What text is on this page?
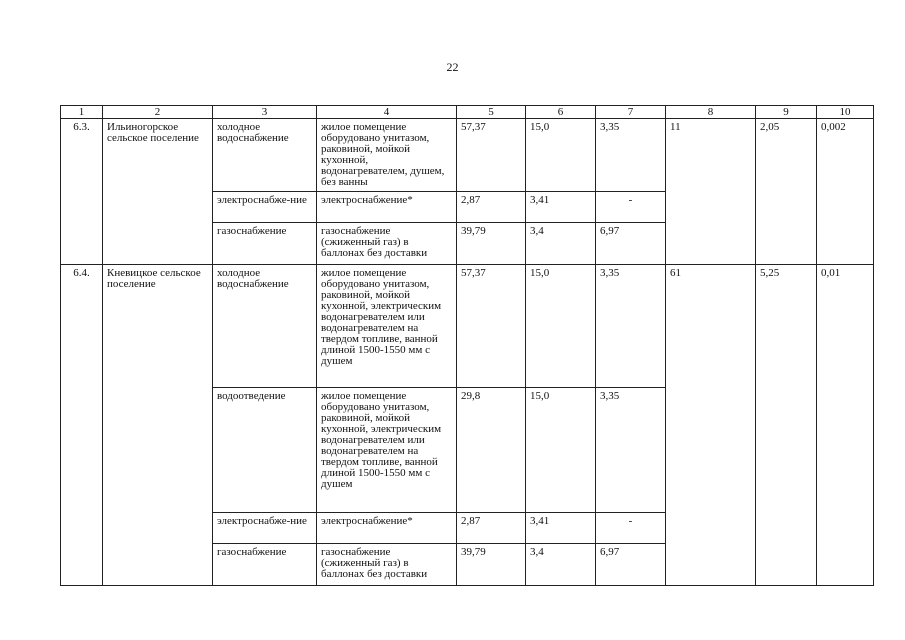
22
1	2	3	4	5	6	7	8	9	10
6.3.	Ильиногорское сельское поселение	холодное водоснабжение	жилое помещение оборудовано унитазом, раковиной, мойкой кухонной, водонагревателем, душем, без ванны	57,37	15,0	3,35	11	2,05	0,002
		электроснабже-ние	электроснабжение*	2,87	3,41	-			
		газоснабжение	газоснабжение (сжиженный газ) в баллонах без доставки	39,79	3,4	6,97			
6.4.	Кневицкое сельское поселение	холодное водоснабжение	жилое помещение оборудовано унитазом, раковиной, мойкой кухонной, электрическим водонагревателем или водонагревателем на твердом топливе, ванной длиной 1500-1550 мм с душем	57,37	15,0	3,35	61	5,25	0,01
		водоотведение	жилое помещение оборудовано унитазом, раковиной, мойкой кухонной, электрическим водонагревателем или водонагревателем на твердом топливе, ванной длиной 1500-1550 мм с душем	29,8	15,0	3,35			
		электроснабже-ние	электроснабжение*	2,87	3,41	-			
		газоснабжение	газоснабжение (сжиженный газ) в баллонах без доставки	39,79	3,4	6,97			
